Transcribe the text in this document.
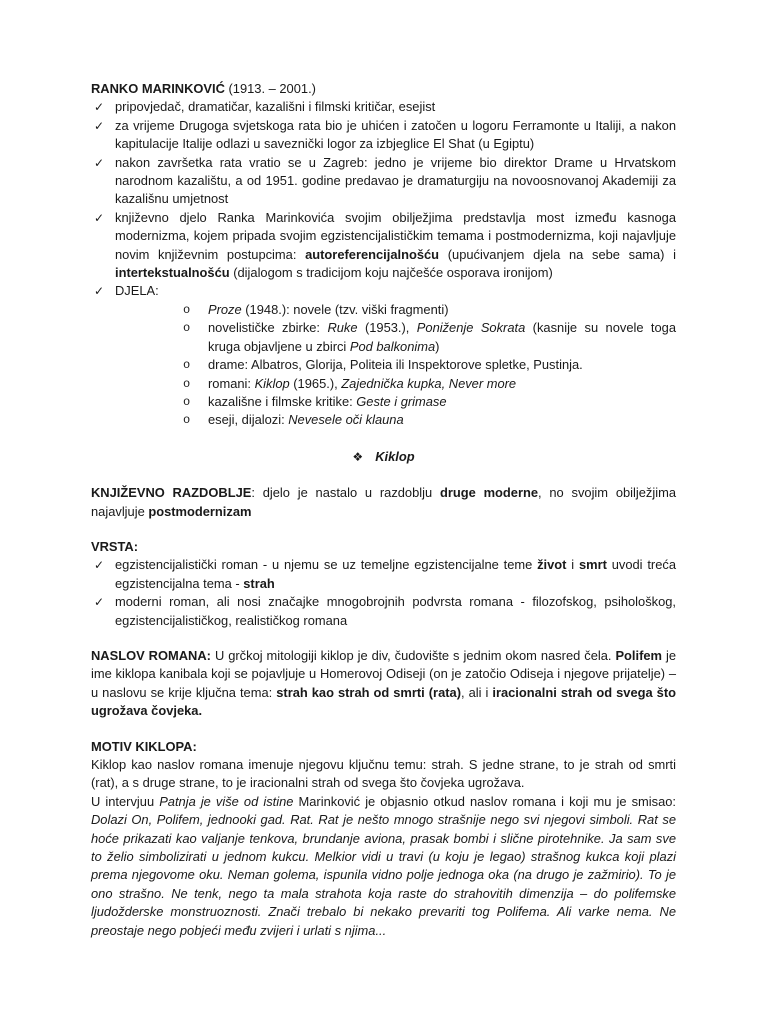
RANKO MARINKOVIĆ (1913. – 2001.)

✓ pripovjedač, dramatičar, kazališni i filmski kritičar, esejist
✓ za vrijeme Drugoga svjetskoga rata bio je uhićen i zatočen u logoru Ferramonte u Italiji, a nakon kapitulacije Italije odlazi u saveznički logor za izbjeglice El Shat (u Egiptu)
✓ nakon završetka rata vratio se u Zagreb: jedno je vrijeme bio direktor Drame u Hrvatskom narodnom kazalištu, a od 1951. godine predavao je dramaturgiju na novoosnovanoj Akademiji za kazališnu umjetnost
✓ književno djelo Ranka Marinkovića svojim obilježjima predstavlja most između kasnoga modernizma, kojem pripada svojim egzistencijalističkim temama i postmodernizma, koji najavljuje novim književnim postupcima: autoreferencijalnošću (upućivanjem djela na sebe sama) i intertekstualnošću (dijalogom s tradicijom koju najčešće osporava ironijom)
✓ DJELA:
o Proze (1948.): novele (tzv. viški fragmenti)
o novelističke zbirke: Ruke (1953.), Poniženje Sokrata (kasnije su novele toga kruga objavljene u zbirci Pod balkonima)
o drame: Albatros, Glorija, Politeia ili Inspektorove spletke, Pustinja.
o romani: Kiklop (1965.), Zajednička kupka, Never more
o kazališne i filmske kritike: Geste i grimase
o eseji, dijalozi: Nevesele oči klauna

❖ Kiklop

KNJIŽEVNO RAZDOBLJE: djelo je nastalo u razdoblju druge moderne, no svojim obilježjima najavljuje postmodernizam

VRSTA:

✓ egzistencijalistički roman - u njemu se uz temeljne egzistencijalne teme život i smrt uvodi treća egzistencijalna tema - strah
✓ moderni roman, ali nosi značajke mnogobrojnih podvrsta romana - filozofskog, psihološkog, egzistencijalističkog, realističkog romana

NASLOV ROMANA: U grčkoj mitologiji kiklop je div, čudovište s jednim okom nasred čela. Polifem je ime kiklopa kanibala koji se pojavljuje u Homerovoj Odiseji (on je zatočio Odiseja i njegove prijatelje) – u naslovu se krije ključna tema: strah kao strah od smrti (rata), ali i iracionalni strah od svega što ugrožava čovjeka.

MOTIV KIKLOPA:

Kiklop kao naslov romana imenuje njegovu ključnu temu: strah. S jedne strane, to je strah od smrti (rat), a s druge strane, to je iracionalni strah od svega što čovjeka ugrožava.

U intervjuu Patnja je više od istine Marinković je objasnio otkud naslov romana i koji mu je smisao: Dolazi On, Polifem, jednooki gad. Rat. Rat je nešto mnogo strašnije nego svi njegovi simboli. Rat se hoće prikazati kao valjanje tenkova, brundanje aviona, prasak bombi i slične pirotehnike. Ja sam sve to želio simbolizirati u jednom kukcu. Melkior vidi u travi (u koju je legao) strašnog kukca koji plazi prema njegovome oku. Neman golema, ispunila vidno polje jednoga oka (na drugo je zažmirio). To je ono strašno. Ne tenk, nego ta mala strahota koja raste do strahovitih dimenzija – do polifemske ljudožderske monstruoznosti. Znači trebalo bi nekako prevariti tog Polifema. Ali varke nema. Ne preostaje nego pobjeći među zvijeri i urlati s njima...
